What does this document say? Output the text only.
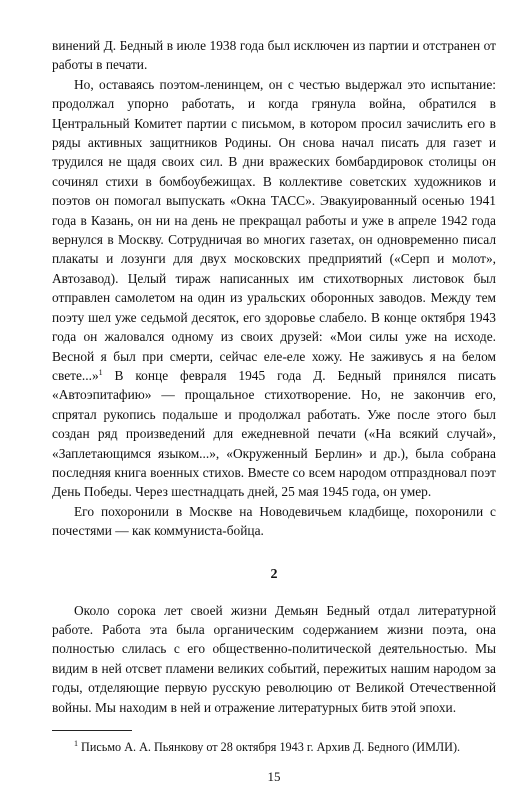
винений Д. Бедный в июле 1938 года был исключен из партии и отстранен от работы в печати.

Но, оставаясь поэтом-ленинцем, он с честью выдержал это испытание: продолжал упорно работать, и когда грянула война, обратился в Центральный Комитет партии с письмом, в котором просил зачислить его в ряды активных защитников Родины. Он снова начал писать для газет и трудился не щадя своих сил. В дни вражеских бомбардировок столицы он сочинял стихи в бомбоубежищах. В коллективе советских художников и поэтов он помогал выпускать «Окна ТАСС». Эвакуированный осенью 1941 года в Казань, он ни на день не прекращал работы и уже в апреле 1942 года вернулся в Москву. Сотрудничая во многих газетах, он одновременно писал плакаты и лозунги для двух московских предприятий («Серп и молот», Автозавод). Целый тираж написанных им стихотворных листовок был отправлен самолетом на один из уральских оборонных заводов. Между тем поэту шел уже седьмой десяток, его здоровье слабело. В конце октября 1943 года он жаловался одному из своих друзей: «Мои силы уже на исходе. Весной я был при смерти, сейчас еле-еле хожу. Не заживусь я на белом свете...»$^1$ В конце февраля 1945 года Д. Бедный принялся писать «Автоэпитафию» — прощальное стихотворение. Но, не закончив его, спрятал рукопись подальше и продолжал работать. Уже после этого был создан ряд произведений для ежедневной печати («На всякий случай», «Заплетающимся языком...», «Окруженный Берлин» и др.), была собрана последняя книга военных стихов. Вместе со всем народом отпраздновал поэт День Победы. Через шестнадцать дней, 25 мая 1945 года, он умер.

Его похоронили в Москве на Новодевичьем кладбище, похоронили с почестями — как коммуниста-бойца.

2

Около сорока лет своей жизни Демьян Бедный отдал литературной работе. Работа эта была органическим содержанием жизни поэта, она полностью слилась с его общественно-политической деятельностью. Мы видим в ней отсвет пламени великих событий, пережитых нашим народом за годы, отделяющие первую русскую революцию от Великой Отечественной войны. Мы находим в ней и отражение литературных битв этой эпохи.

$^1$ Письмо А. А. Пьянкову от 28 октября 1943 г. Архив Д. Бедного (ИМЛИ).
15
